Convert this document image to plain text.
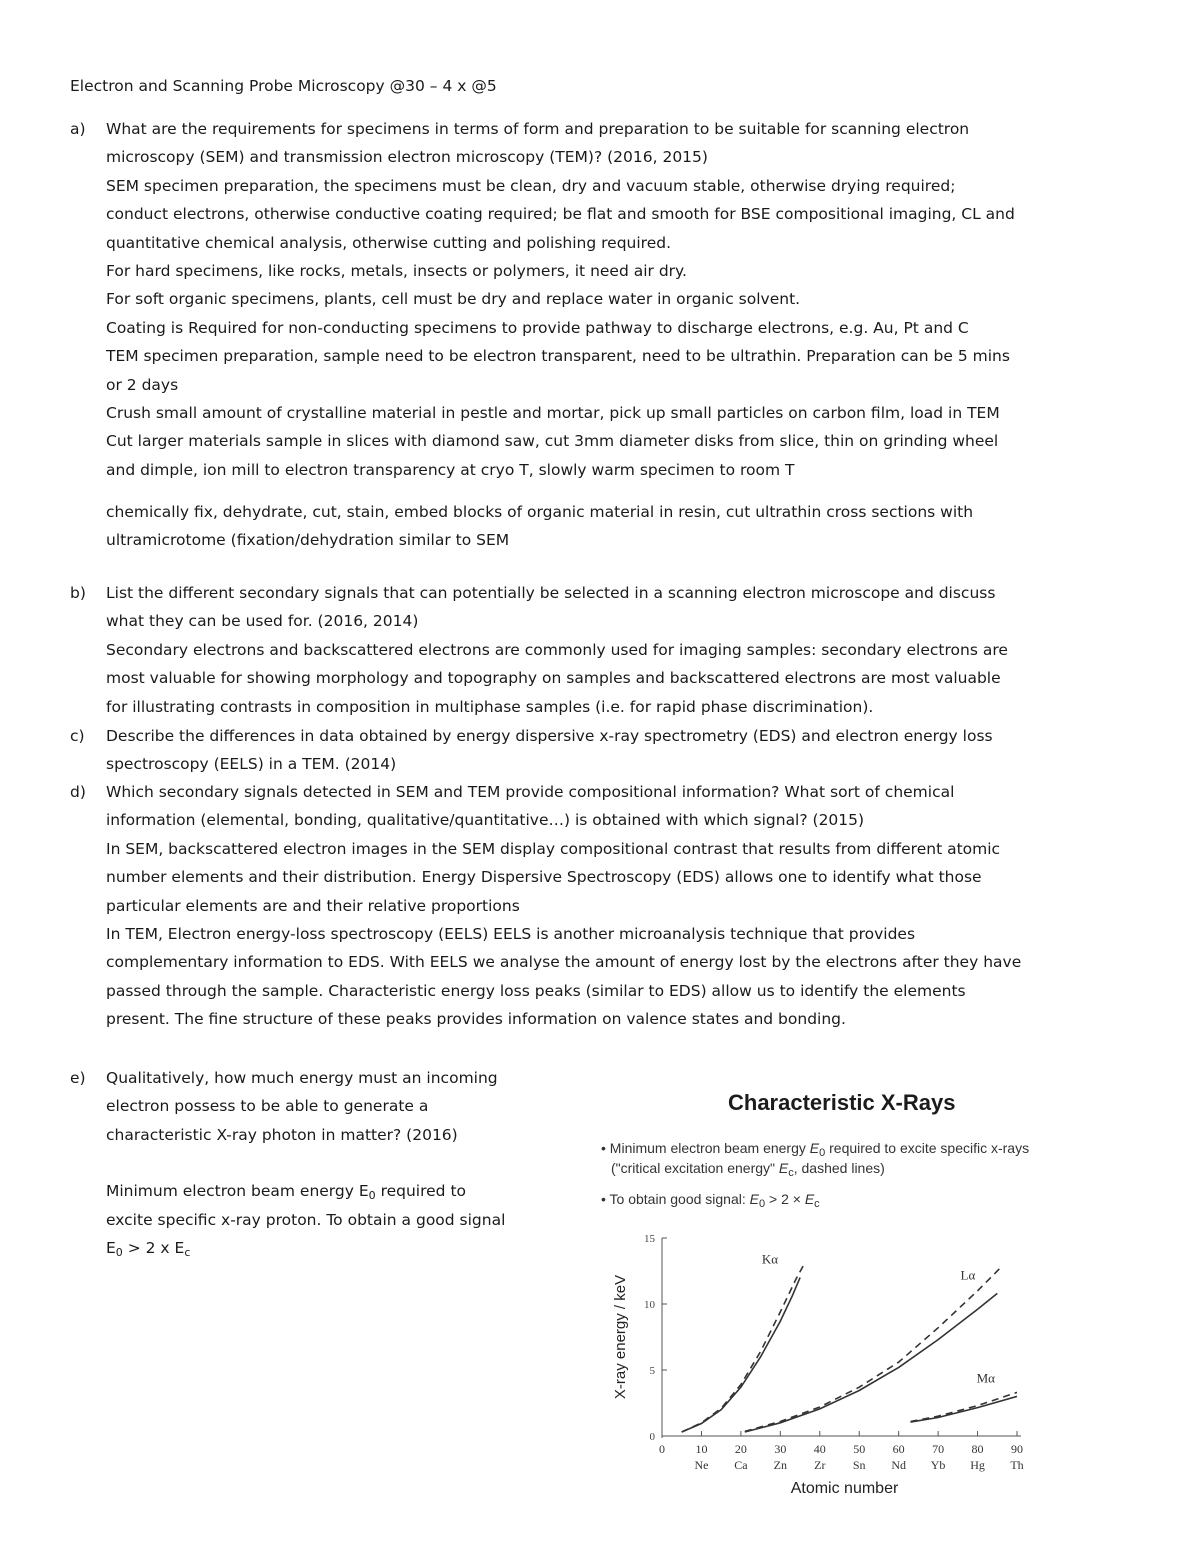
Electron and Scanning Probe Microscopy @30 – 4 x @5
a)	What are the requirements for specimens in terms of form and preparation to be suitable for scanning electron
microscopy (SEM) and transmission electron microscopy (TEM)? (2016, 2015)
SEM specimen preparation, the specimens must be clean, dry and vacuum stable, otherwise drying required;
conduct electrons, otherwise conductive coating required; be flat and smooth for BSE compositional imaging, CL and
quantitative chemical analysis, otherwise cutting and polishing required.
For hard specimens, like rocks, metals, insects or polymers, it need air dry.
For soft organic specimens, plants, cell must be dry and replace water in organic solvent.
Coating is Required for non-conducting specimens to provide pathway to discharge electrons, e.g. Au, Pt and C
TEM specimen preparation, sample need to be electron transparent, need to be ultrathin. Preparation can be 5 mins
or 2 days
Crush small amount of crystalline material in pestle and mortar, pick up small particles on carbon film, load in TEM
Cut larger materials sample in slices with diamond saw, cut 3mm diameter disks from slice, thin on grinding wheel
and dimple, ion mill to electron transparency at cryo T, slowly warm specimen to room T
chemically fix, dehydrate, cut, stain, embed blocks of organic material in resin, cut ultrathin cross sections with
ultramicrotome (fixation/dehydration similar to SEM
b)	List the different secondary signals that can potentially be selected in a scanning electron microscope and discuss
what they can be used for. (2016, 2014)
Secondary electrons and backscattered electrons are commonly used for imaging samples: secondary electrons are
most valuable for showing morphology and topography on samples and backscattered electrons are most valuable
for illustrating contrasts in composition in multiphase samples (i.e. for rapid phase discrimination).
c)	Describe the differences in data obtained by energy dispersive x-ray spectrometry (EDS) and electron energy loss
spectroscopy (EELS) in a TEM. (2014)
d)	Which secondary signals detected in SEM and TEM provide compositional information? What sort of chemical
information (elemental, bonding, qualitative/quantitative…) is obtained with which signal? (2015)
In SEM, backscattered electron images in the SEM display compositional contrast that results from different atomic
number elements and their distribution. Energy Dispersive Spectroscopy (EDS) allows one to identify what those
particular elements are and their relative proportions
In TEM, Electron energy-loss spectroscopy (EELS) EELS is another microanalysis technique that provides
complementary information to EDS. With EELS we analyse the amount of energy lost by the electrons after they have
passed through the sample. Characteristic energy loss peaks (similar to EDS) allow us to identify the elements
present. The fine structure of these peaks provides information on valence states and bonding.
e)	Qualitatively, how much energy must an incoming
electron possess to be able to generate a
characteristic X-ray photon in matter? (2016)
Minimum electron beam energy $E_0$ required to
excite specific x-ray proton. To obtain a good signal
$E_0 > 2$ x $E_c$
Characteristic X-Rays
• Minimum electron beam energy $E_0$ required to excite specific x-rays
("critical excitation energy" $E_c$, dashed lines)
• To obtain good signal: $E_0 > 2 \times E_c$
0
5
10
15
0	10
Ne
20
Ca
30
Zn
40
Zr
50
Sn
60
Nd
70
Yb
80
Hg
90
Th
Kα
Lα
Mα
X-ray energy / keV
Atomic number
